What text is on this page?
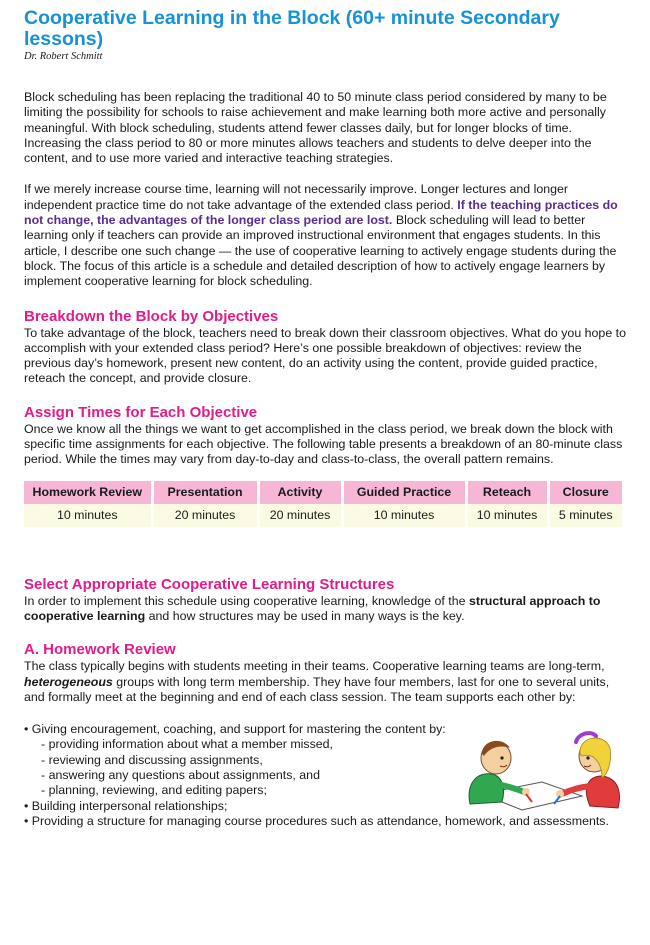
Cooperative Learning in the Block (60+ minute Secondary lessons)
Dr. Robert Schmitt

Block scheduling has been replacing the traditional 40 to 50 minute class period considered by many to be limiting the possibility for schools to raise achievement and make learning both more active and personally meaningful. With block scheduling, students attend fewer classes daily, but for longer blocks of time. Increasing the class period to 80 or more minutes allows teachers and students to delve deeper into the content, and to use more varied and interactive teaching strategies.

If we merely increase course time, learning will not necessarily improve. Longer lectures and longer independent practice time do not take advantage of the extended class period. If the teaching practices do not change, the advantages of the longer class period are lost. Block scheduling will lead to better learning only if teachers can provide an improved instructional environment that engages students. In this article, I describe one such change — the use of cooperative learning to actively engage students during the block. The focus of this article is a schedule and detailed description of how to actively engage learners by implement cooperative learning for block scheduling.

Breakdown the Block by Objectives

To take advantage of the block, teachers need to break down their classroom objectives. What do you hope to accomplish with your extended class period? Here’s one possible breakdown of objectives: review the previous day’s homework, present new content, do an activity using the content, provide guided practice, reteach the concept, and provide closure.

Assign Times for Each Objective

Once we know all the things we want to get accomplished in the class period, we break down the block with specific time assignments for each objective. The following table presents a breakdown of an 80-minute class period. While the times may vary from day-to-day and class-to-class, the overall pattern remains.

Homework Review	Presentation	Activity	Guided Practice	Reteach	Closure
10 minutes	20 minutes	20 minutes	10 minutes	10 minutes	5 minutes
Select Appropriate Cooperative Learning Structures

In order to implement this schedule using cooperative learning, knowledge of the structural approach to cooperative learning and how structures may be used in many ways is the key.

A. Homework Review

The class typically begins with students meeting in their teams. Cooperative learning teams are long-term, heterogeneous groups with long term membership. They have four members, last for one to several units, and formally meet at the beginning and end of each class session. The team supports each other by:

• Giving encouragement, coaching, and support for mastering the content by:
- providing information about what a member missed,
- reviewing and discussing assignments,
- answering any questions about assignments, and
- planning, reviewing, and editing papers;
• Building interpersonal relationships;
• Providing a structure for managing course procedures such as attendance, homework, and assessments.
